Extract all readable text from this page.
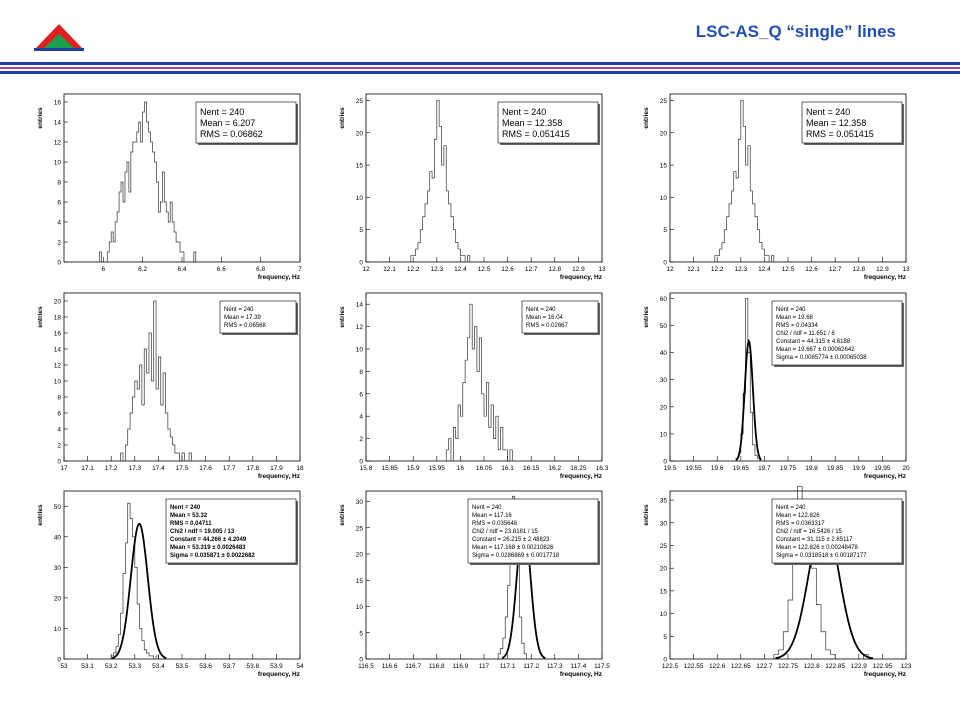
LSC-AS_Q “single” lines
0
2
4
6
8
10
12
14
16
6	6.2	6.4	6.6	6.8	7
entries
frequency, Hz
Nent = 240
Mean = 6.207
RMS = 0.06862
0
5
10
15
20
25
12 12.1 12.2 12.3 12.4 12.5 12.6 12.7 12.8 12.9 13
entries
frequency, Hz
Nent = 240
Mean = 12.358
RMS = 0.051415
0
5
10
15
20
25
12 12.1 12.2 12.3 12.4 12.5 12.6 12.7 12.8 12.9 13
entries
frequency, Hz
Nent = 240
Mean = 12.358
RMS = 0.051415
0
2
4
6
8
10
12
14
16
18
20
17 17.1 17.2 17.3 17.4 17.5 17.6 17.7 17.8 17.9 18
entries
frequency, Hz
Nent = 240
Mean = 17.39
RMS = 0.06568
0
2
4
6
8
10
12
14
15.8 15.85 15.9 15.95 16 16.05 16.1 16.15 16.2 16.25 16.3
entries
frequency, Hz
Nent = 240
Mean = 16.04
RMS = 0.02667
0
10
20
30
40
50
60
19.5 19.55 19.6 19.65 19.7 19.75 19.8 19.85 19.9 19.95 20
entries
frequency, Hz
Nent = 240
Mean = 19.68
RMS = 0.04334
Chi2 / ndf = 11.651 / 8
Constant = 44.315 ± 4.6188
Mean = 19.667 ± 0.00062642
Sigma = 0.0085774 ± 0.00065038
0
10
20
30
40
50
53 53.1 53.2 53.3 53.4 53.5 53.6 53.7 53.8 53.9 54
entries
frequency, Hz
Nent = 240
Mean = 53.32
RMS = 0.04711
Chi2 / ndf = 19.005 / 13
Constant = 44.266 ± 4.2049
Mean = 53.319 ± 0.0026483
Sigma = 0.035871 ± 0.0022682
0
5
10
15
20
25
30
116.5 116.6 116.7 116.8 116.9 117 117.1 117.2 117.3 117.4 117.5
entries
frequency, Hz
Nent = 240
Mean = 117.16
RMS = 0.035646
Chi2 / ndf = 23.8181 / 15
Constant = 26.215 ± 2.48823
Mean = 117.168 ± 0.00210826
Sigma = 0.0286869 ± 0.0017718
0
5
10
15
20
25
30
35
122.5 122.55 122.6 122.65 122.7 122.75 122.8 122.85 122.9 122.95 123
entries
frequency, Hz
Nent = 240
Mean = 122.826
RMS = 0.0363317
Chi2 / ndf = 16.5426 / 15
Constant = 31.115 ± 2.85117
Mean = 122.826 ± 0.00248478
Sigma = 0.0318518 ± 0.00187177
